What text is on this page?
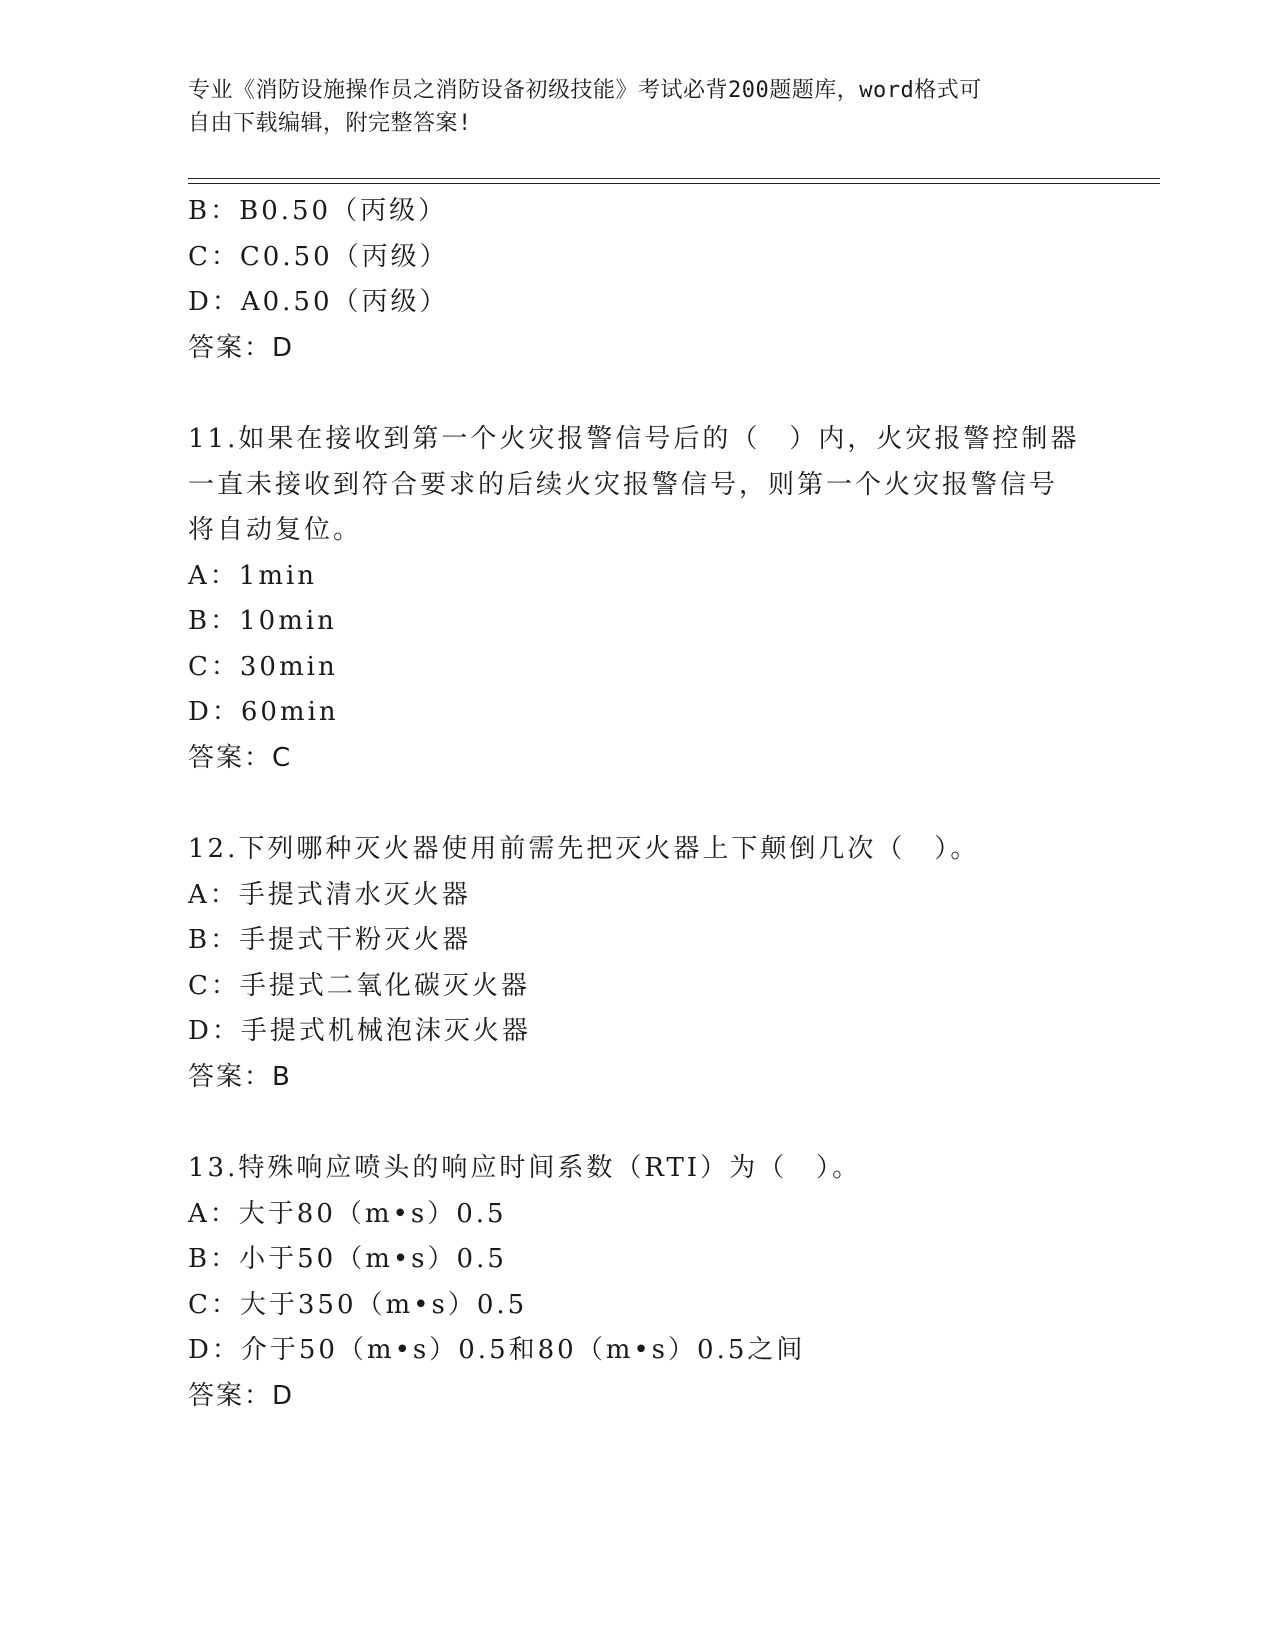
专业《消防设施操作员之消防设备初级技能》考试必背200题题库，word格式可
自由下载编辑，附完整答案!
B：B0.50（丙级）
C：C0.50（丙级）
D：A0.50（丙级）
答案：D
11.如果在接收到第一个火灾报警信号后的（　）内，火灾报警控制器
一直未接收到符合要求的后续火灾报警信号，则第一个火灾报警信号
将自动复位。
A：1min
B：10min
C：30min
D：60min
答案：C
12.下列哪种灭火器使用前需先把灭火器上下颠倒几次（　）。
A：手提式清水灭火器
B：手提式干粉灭火器
C：手提式二氧化碳灭火器
D：手提式机械泡沫灭火器
答案：B
13.特殊响应喷头的响应时间系数（RTI）为（　）。
A：大于80（m•s）0.5
B：小于50（m•s）0.5
C：大于350（m•s）0.5
D：介于50（m•s）0.5和80（m•s）0.5之间
答案：D
